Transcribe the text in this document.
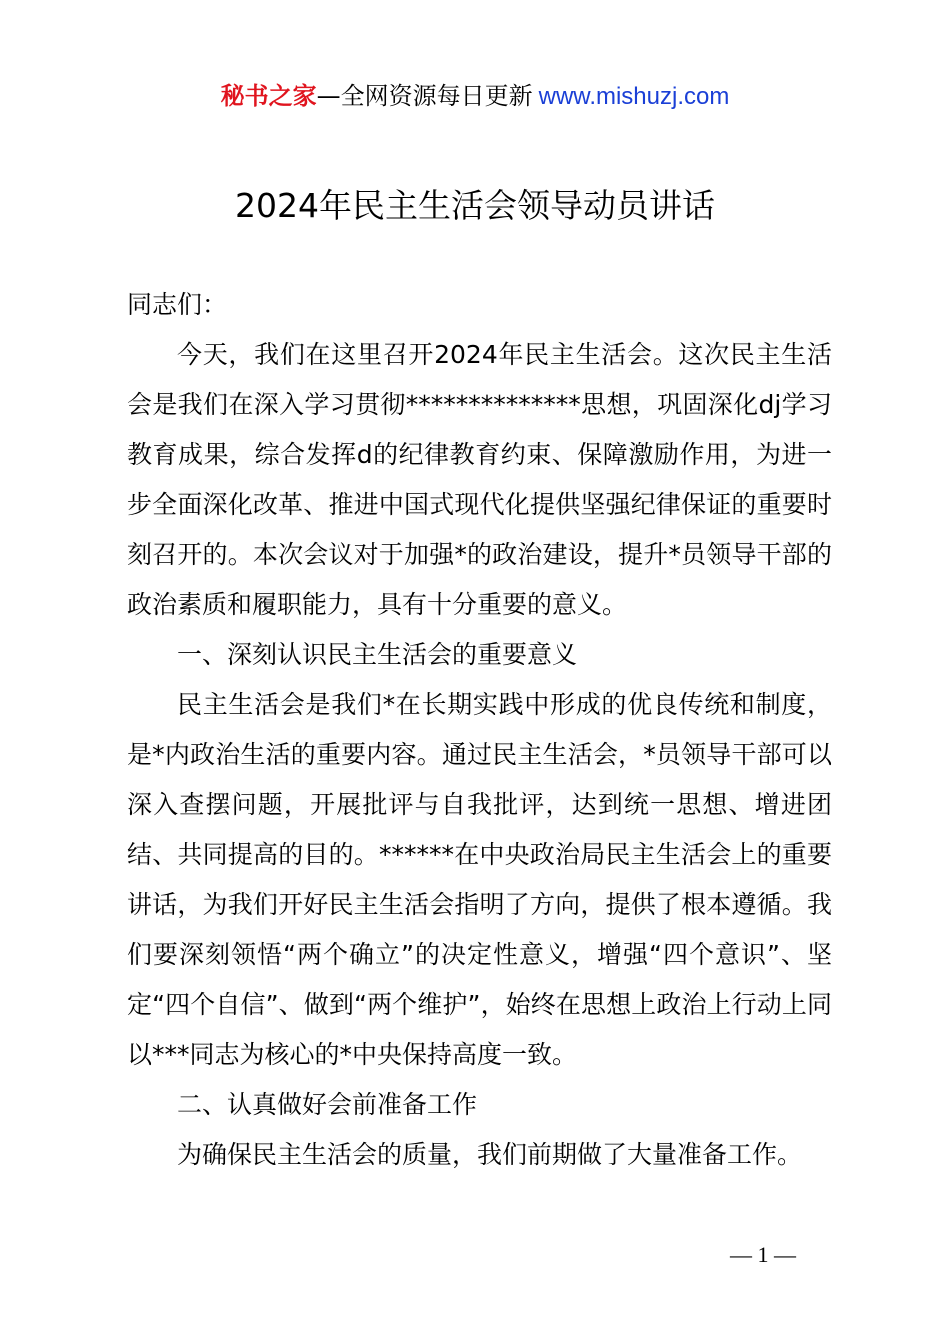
秘书之家—全网资源每日更新 www.mishuzj.com
2024年民主生活会领导动员讲话

同志们：

今天，我们在这里召开2024年民主生活会。这次民主生活会是我们在深入学习贯彻**************思想，巩固深化dj学习教育成果，综合发挥d的纪律教育约束、保障激励作用，为进一步全面深化改革、推进中国式现代化提供坚强纪律保证的重要时刻召开的。本次会议对于加强*的政治建设，提升*员领导干部的政治素质和履职能力，具有十分重要的意义。

一、深刻认识民主生活会的重要意义

民主生活会是我们*在长期实践中形成的优良传统和制度，是*内政治生活的重要内容。通过民主生活会，*员领导干部可以深入查摆问题，开展批评与自我批评，达到统一思想、增进团结、共同提高的目的。******在中央政治局民主生活会上的重要讲话，为我们开好民主生活会指明了方向，提供了根本遵循。我们要深刻领悟“两个确立”的决定性意义，增强“四个意识”、坚定“四个自信”、做到“两个维护”，始终在思想上政治上行动上同以***同志为核心的*中央保持高度一致。

二、认真做好会前准备工作

为确保民主生活会的质量，我们前期做了大量准备工作。

— 1 —
